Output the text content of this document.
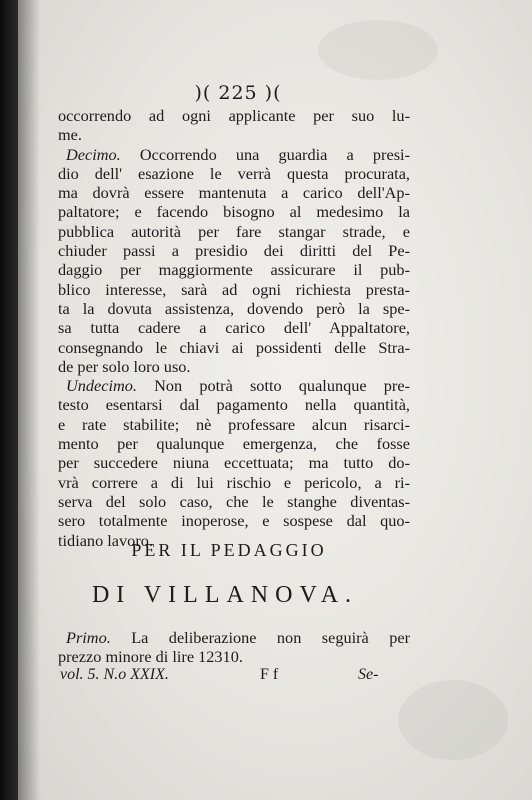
)( 225 )(
occorrendo ad ogni applicante per suo lu-
me.
Decimo. Occorrendo una guardia a presi-
dio dell' esazione le verrà questa procurata,
ma dovrà essere mantenuta a carico dell'Ap-
paltatore; e facendo bisogno al medesimo la
pubblica autorità per fare stangar strade, e
chiuder passi a presidio dei diritti del Pe-
daggio per maggiormente assicurare il pub-
blico interesse, sarà ad ogni richiesta presta-
ta la dovuta assistenza, dovendo però la spe-
sa tutta cadere a carico dell' Appaltatore,
consegnando le chiavi ai possidenti delle Stra-
de per solo loro uso.
Undecimo. Non potrà sotto qualunque pre-
testo esentarsi dal pagamento nella quantità,
e rate stabilite; nè professare alcun risarci-
mento per qualunque emergenza, che fosse
per succedere niuna eccettuata; ma tutto do-
vrà correre a di lui rischio e pericolo, a ri-
serva del solo caso, che le stanghe diventas-
sero totalmente inoperose, e sospese dal quo-
tidiano lavoro.
PER IL PEDAGGIO
DI VILLANOVA.
Primo. La deliberazione non seguirà per
prezzo minore di lire 12310.
vol. 5. N.o XXIX.	F f	Se-
